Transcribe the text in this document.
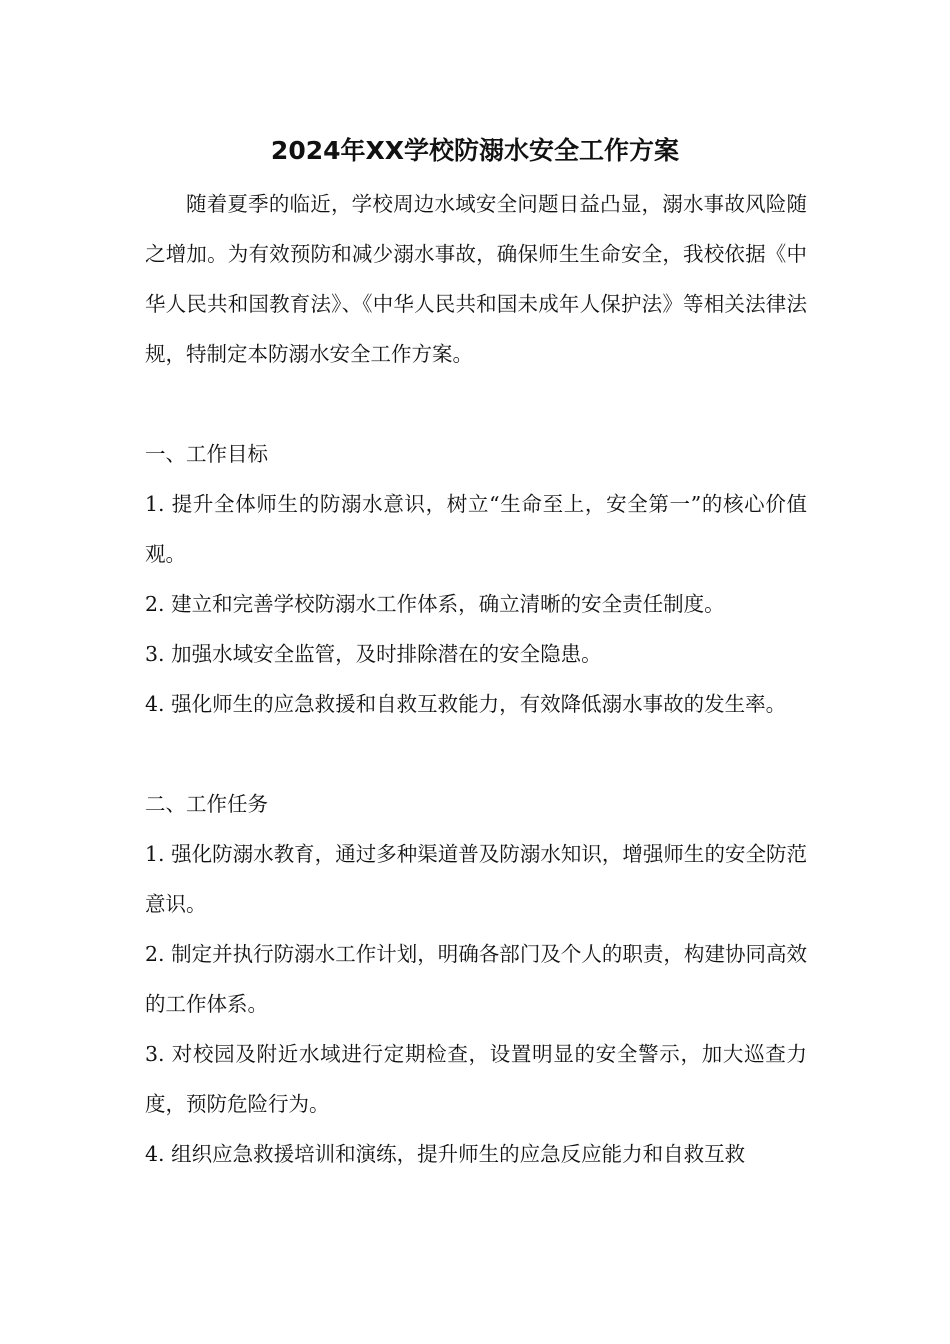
2024年XX学校防溺水安全工作方案

随着夏季的临近，学校周边水域安全问题日益凸显，溺水事故风险随之增加。为有效预防和减少溺水事故，确保师生生命安全，我校依据《中华人民共和国教育法》、《中华人民共和国未成年人保护法》等相关法律法规，特制定本防溺水安全工作方案。

一、工作目标

1. 提升全体师生的防溺水意识，树立“生命至上，安全第一”的核心价值观。

2. 建立和完善学校防溺水工作体系，确立清晰的安全责任制度。

3. 加强水域安全监管，及时排除潜在的安全隐患。

4. 强化师生的应急救援和自救互救能力，有效降低溺水事故的发生率。

二、工作任务

1. 强化防溺水教育，通过多种渠道普及防溺水知识，增强师生的安全防范意识。

2. 制定并执行防溺水工作计划，明确各部门及个人的职责，构建协同高效的工作体系。

3. 对校园及附近水域进行定期检查，设置明显的安全警示，加大巡查力度，预防危险行为。

4. 组织应急救援培训和演练，提升师生的应急反应能力和自救互救
